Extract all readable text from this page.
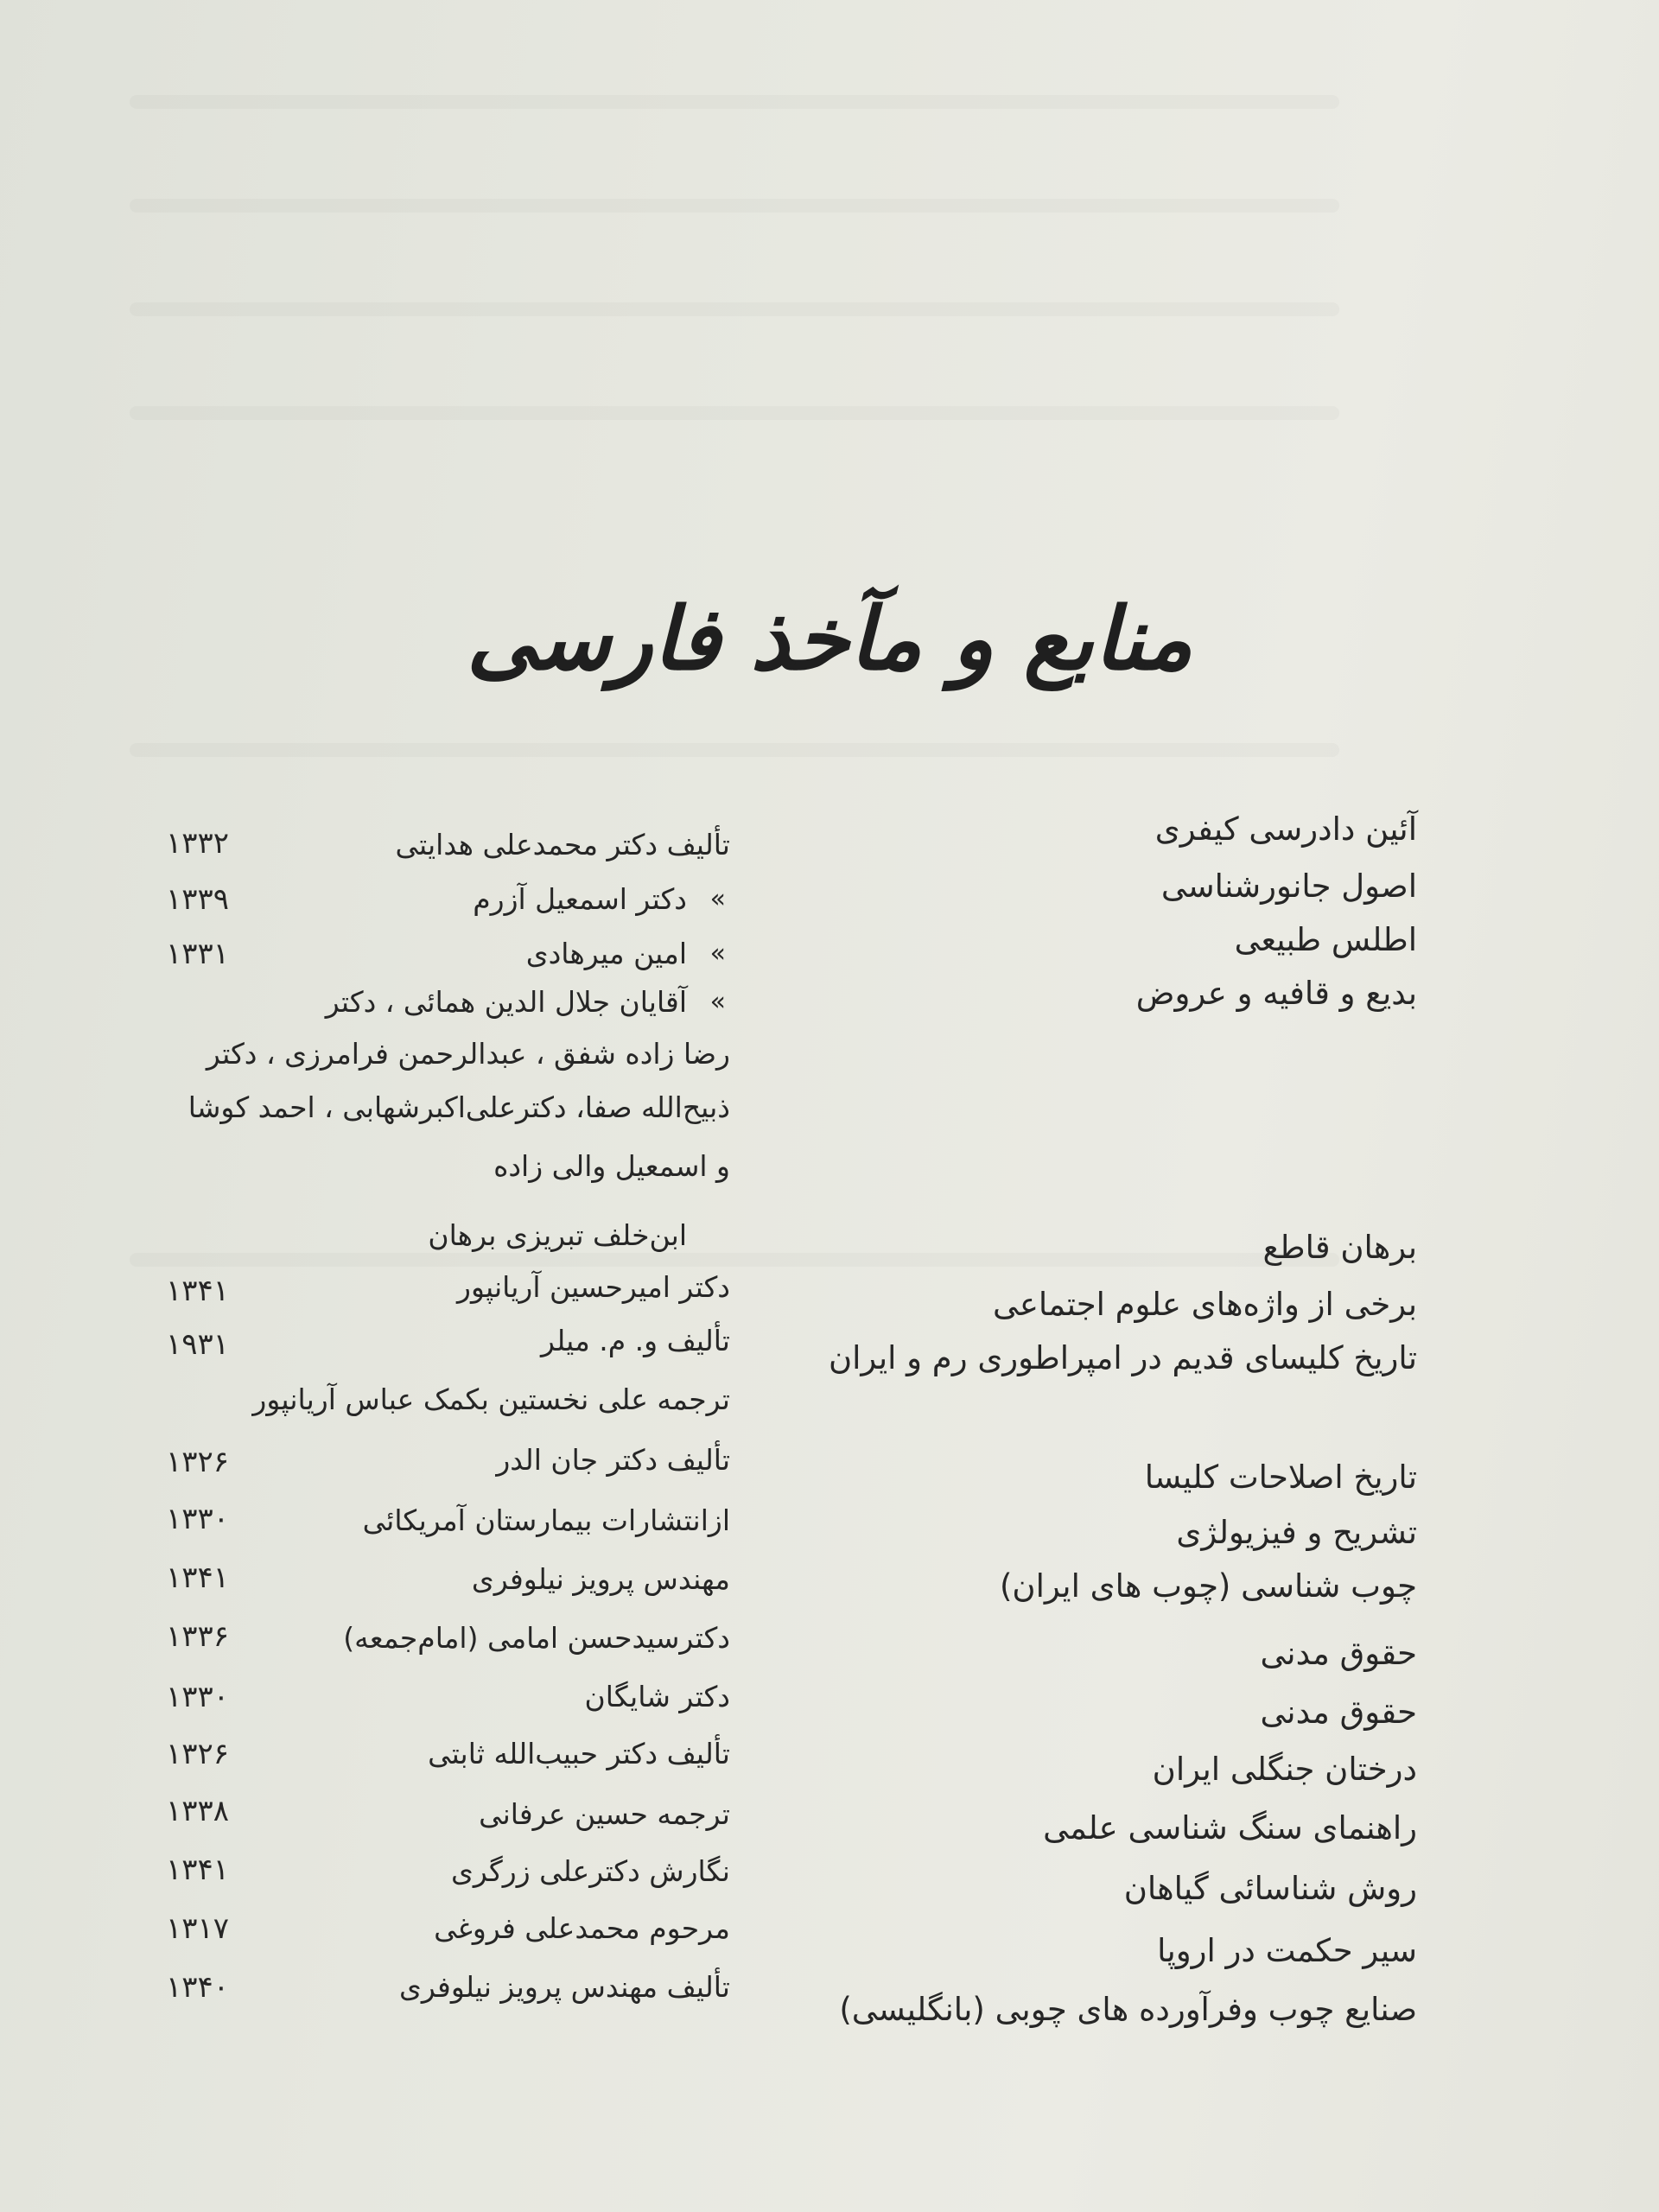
منابع و مآخذ فارسی
آئین دادرسی کیفری
تألیف دکتر محمدعلی هدایتی
۱۳۳۲
اصول جانورشناسی
»
دکتر اسمعیل آزرم
۱۳۳۹
اطلس طبیعی
»
امین میرهادی
۱۳۳۱
بدیع و قافیه و عروض
»
آقایان جلال الدین همائی ، دکتر
رضا زاده شفق ، عبدالرحمن فرامرزی ، دکتر
ذبیح‌الله صفا، دکترعلی‌اکبرشهابی ، احمد کوشا
و اسمعیل والی زاده
برهان قاطع
ابن‌خلف تبریزی برهان
برخی از واژه‌های علوم اجتماعی
دکتر امیرحسین آریانپور
۱۳۴۱
تاریخ کلیسای قدیم در امپراطوری رم و ایران
تألیف و. م. میلر
۱۹۳۱
ترجمه علی نخستین بکمک عباس آریانپور
تاریخ اصلاحات کلیسا
تألیف دکتر جان الدر
۱۳۲۶
تشریح و فیزیولژی
ازانتشارات بیمارستان آمریکائی
۱۳۳۰
چوب شناسی (چوب های ایران)
مهندس پرویز نیلوفری
۱۳۴۱
حقوق مدنی
دکترسیدحسن امامی (امام‌جمعه)
۱۳۳۶
حقوق مدنی
دکتر شایگان
۱۳۳۰
درختان جنگلی ایران
تألیف دکتر حبیب‌الله ثابتی
۱۳۲۶
راهنمای سنگ شناسی علمی
ترجمه حسین عرفانی
۱۳۳۸
روش شناسائی گیاهان
نگارش دکترعلی زرگری
۱۳۴۱
سیر حکمت در اروپا
مرحوم محمدعلی فروغی
۱۳۱۷
صنایع چوب وفرآورده های چوبی (بانگلیسی)
تألیف مهندس پرویز نیلوفری
۱۳۴۰
